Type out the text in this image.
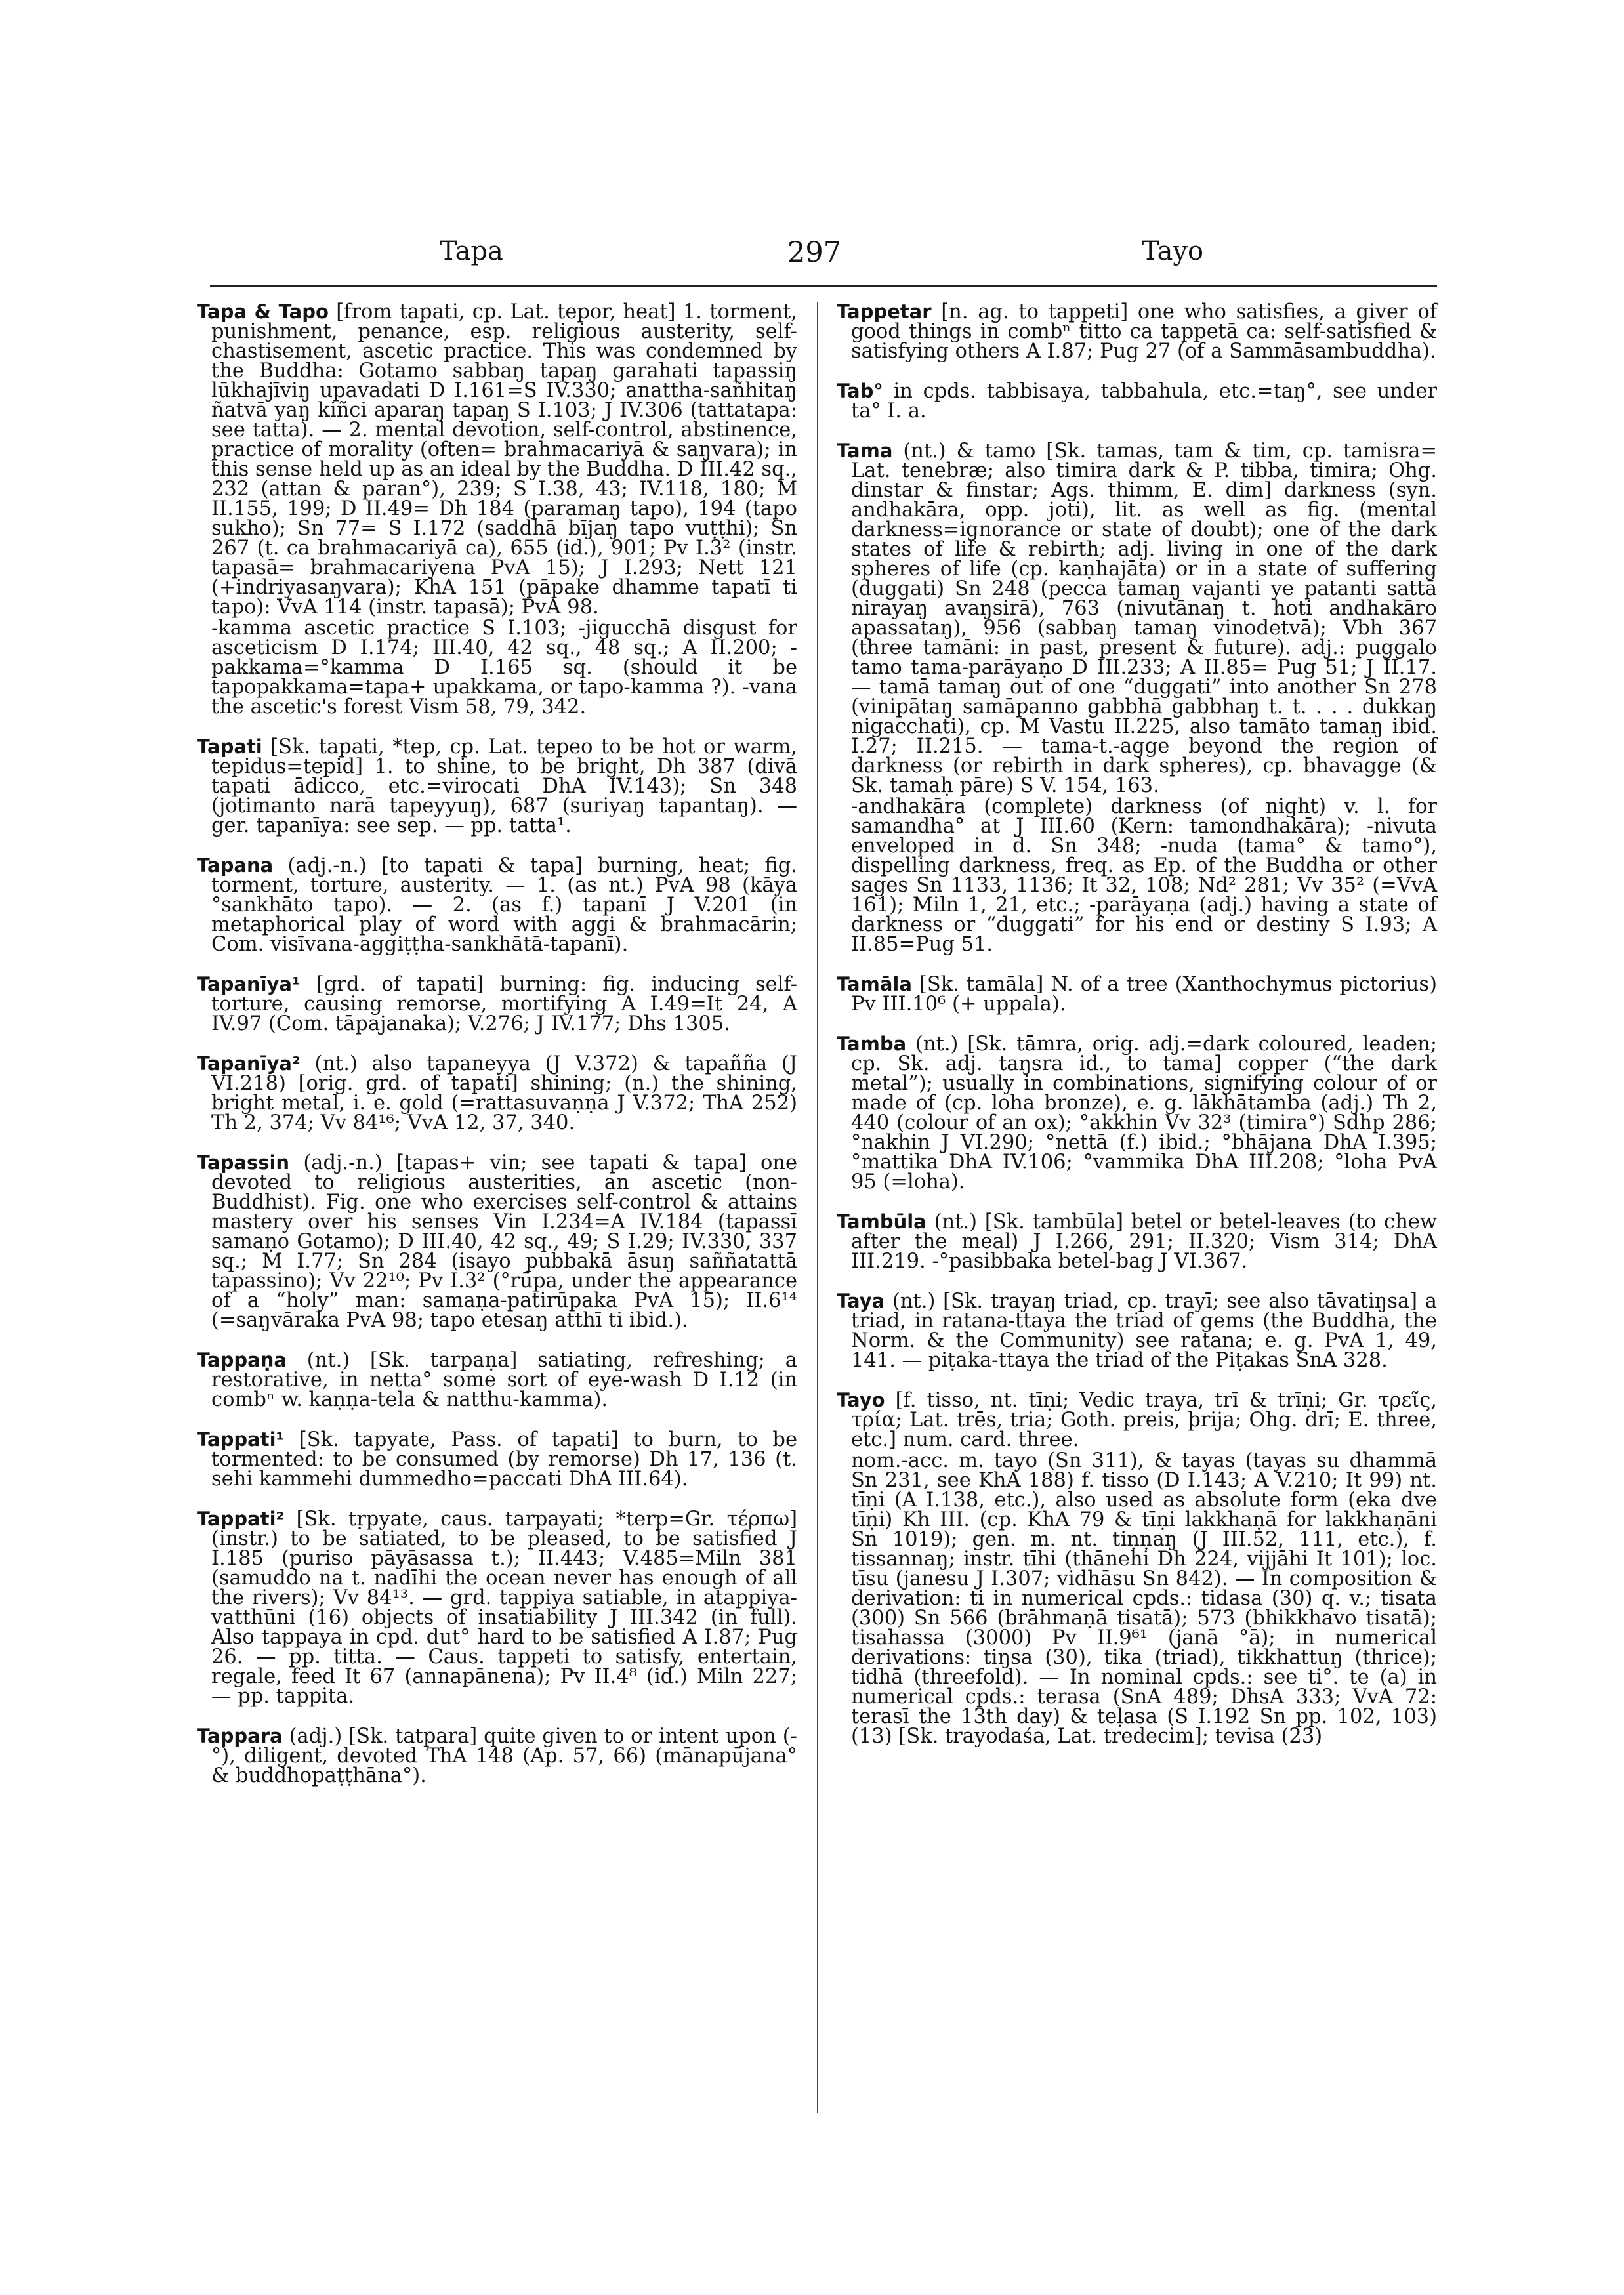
Tapa	297	Tayo

Tapa & Tapo [from tapati, cp. Lat. tepor, heat] 1. torment, punishment, penance, esp. religious austerity, self-chastisement, ascetic practice. This was condemned by the Buddha: Gotamo sabbaŋ tapaŋ garahati tapassiŋ lūkhajīviŋ upavadati D I.161=S IV.330; anattha-sañhitaŋ ñatvā yaŋ kiñci aparaŋ tapaŋ S I.103; J IV.306 (tattatapa: see tatta). — 2. mental devotion, self-control, abstinence, practice of morality (often= brahmacariyā & saŋvara); in this sense held up as an ideal by the Buddha. D III.42 sq., 232 (attan & paran°), 239; S I.38, 43; IV.118, 180; M II.155, 199; D II.49= Dh 184 (paramaŋ tapo), 194 (tapo sukho); Sn 77= S I.172 (saddhā bījaŋ tapo vuṭṭhi); Sn 267 (t. ca brahmacariyā ca), 655 (id.), 901; Pv I.3² (instr. tapasā= brahmacariyena PvA 15); J I.293; Nett 121 (+indriyasaŋvara); KhA 151 (pāpake dhamme tapatī ti tapo): VvA 114 (instr. tapasā); PvA 98.

-kamma ascetic practice S I.103; -jigucchā disgust for asceticism D I.174; III.40, 42 sq., 48 sq.; A II.200; -pakkama=°kamma D I.165 sq. (should it be tapopakkama=tapa+ upakkama, or tapo-kamma ?). -vana the ascetic's forest Vism 58, 79, 342.

Tapati [Sk. tapati, *tep, cp. Lat. tepeo to be hot or warm, tepidus=tepid] 1. to shine, to be bright, Dh 387 (divā tapati ādicco, etc.=virocati DhA IV.143); Sn 348 (jotimanto narā tapeyyuŋ), 687 (suriyaŋ tapantaŋ). — ger. tapanīya: see sep. — pp. tatta¹.

Tapana (adj.-n.) [to tapati & tapa] burning, heat; fig. torment, torture, austerity. — 1. (as nt.) PvA 98 (kāya °sankhāto tapo). — 2. (as f.) tapanī J V.201 (in metaphorical play of word with aggi & brahmacārin; Com. visīvana-aggiṭṭha-sankhātā-tapanī).

Tapanīya¹ [grd. of tapati] burning: fig. inducing self-torture, causing remorse, mortifying A I.49=It 24, A IV.97 (Com. tāpajanaka); V.276; J IV.177; Dhs 1305.

Tapanīya² (nt.) also tapaneyya (J V.372) & tapañña (J VI.218) [orig. grd. of tapati] shining; (n.) the shining, bright metal, i. e. gold (=rattasuvaṇṇa J V.372; ThA 252) Th 2, 374; Vv 84¹⁶; VvA 12, 37, 340.

Tapassin (adj.-n.) [tapas+ vin; see tapati & tapa] one devoted to religious austerities, an ascetic (non-Buddhist). Fig. one who exercises self-control & attains mastery over his senses Vin I.234=A IV.184 (tapassī samaṇo Gotamo); D III.40, 42 sq., 49; S I.29; IV.330, 337 sq.; M I.77; Sn 284 (isayo pubbakā āsuŋ saññatattā tapassino); Vv 22¹⁰; Pv I.3² (°rūpa, under the appearance of a “holy” man: samaṇa-patirūpaka PvA 15); II.6¹⁴ (=saŋvāraka PvA 98; tapo etesaŋ atthī ti ibid.).

Tappaṇa (nt.) [Sk. tarpaṇa] satiating, refreshing; a restorative, in netta° some sort of eye-wash D I.12 (in combⁿ w. kaṇṇa-tela & natthu-kamma).

Tappati¹ [Sk. tapyate, Pass. of tapati] to burn, to be tormented: to be consumed (by remorse) Dh 17, 136 (t. sehi kammehi dummedho=paccati DhA III.64).

Tappati² [Sk. tṛpyate, caus. tarpayati; *terp=Gr. τέρπω] (instr.) to be satiated, to be pleased, to be satisfied J I.185 (puriso pāyāsassa t.); II.443; V.485=Miln 381 (samuddo na t. nadīhi the ocean never has enough of all the rivers); Vv 84¹³. — grd. tappiya satiable, in atappiya-vatthūni (16) objects of insatiability J III.342 (in full). Also tappaya in cpd. dut° hard to be satisfied A I.87; Pug 26. — pp. titta. — Caus. tappeti to satisfy, entertain, regale, feed It 67 (annapānena); Pv II.4⁸ (id.) Miln 227; — pp. tappita.

Tappara (adj.) [Sk. tatpara] quite given to or intent upon (-°), diligent, devoted ThA 148 (Ap. 57, 66) (mānapūjana° & buddhopaṭṭhāna°).

Tappetar [n. ag. to tappeti] one who satisfies, a giver of good things in combⁿ titto ca tappetā ca: self-satisfied & satisfying others A I.87; Pug 27 (of a Sammāsambuddha).

Tab° in cpds. tabbisaya, tabbahula, etc.=taŋ°, see under ta° I. a.

Tama (nt.) & tamo [Sk. tamas, tam & tim, cp. tamisra= Lat. tenebræ; also timira dark & P. tibba, timira; Ohg. dinstar & finstar; Ags. thimm, E. dim] darkness (syn. andhakāra, opp. joti), lit. as well as fig. (mental darkness=ignorance or state of doubt); one of the dark states of life & rebirth; adj. living in one of the dark spheres of life (cp. kaṇhajāta) or in a state of suffering (duggati) Sn 248 (pecca tamaŋ vajanti ye patanti sattā nirayaŋ avaŋsirā), 763 (nivutānaŋ t. hoti andhakāro apassataŋ), 956 (sabbaŋ tamaŋ vinodetvā); Vbh 367 (three tamāni: in past, present & future). adj.: puggalo tamo tama-parāyaṇo D III.233; A II.85= Pug 51; J II.17. — tamā tamaŋ out of one “duggati” into another Sn 278 (vinipātaŋ samāpanno gabbhā gabbhaŋ t. t. . . . dukkaŋ nigacchati), cp. M Vastu II.225, also tamāto tamaŋ ibid. I.27; II.215. — tama-t.-agge beyond the region of darkness (or rebirth in dark spheres), cp. bhavagge (& Sk. tamaḥ pāre) S V. 154, 163.

-andhakāra (complete) darkness (of night) v. l. for samandha° at J III.60 (Kern: tamondhakāra); -nivuta enveloped in d. Sn 348; -nuda (tama° & tamo°), dispelling darkness, freq. as Ep. of the Buddha or other sages Sn 1133, 1136; It 32, 108; Nd² 281; Vv 35² (=VvA 161); Miln 1, 21, etc.; -parāyaṇa (adj.) having a state of darkness or “duggati” for his end or destiny S I.93; A II.85=Pug 51.

Tamāla [Sk. tamāla] N. of a tree (Xanthochymus pictorius) Pv III.10⁶ (+ uppala).

Tamba (nt.) [Sk. tāmra, orig. adj.=dark coloured, leaden; cp. Sk. adj. taŋsra id., to tama] copper (“the dark metal”); usually in combinations, signifying colour of or made of (cp. loha bronze), e. g. lākhātamba (adj.) Th 2, 440 (colour of an ox); °akkhin Vv 32³ (timira°) Sdhp 286; °nakhin J VI.290; °nettā (f.) ibid.; °bhājana DhA I.395; °mattika DhA IV.106; °vammika DhA III.208; °loha PvA 95 (=loha).

Tambūla (nt.) [Sk. tambūla] betel or betel-leaves (to chew after the meal) J I.266, 291; II.320; Vism 314; DhA III.219. -°pasibbaka betel-bag J VI.367.

Taya (nt.) [Sk. trayaŋ triad, cp. trayī; see also tāvatiŋsa] a triad, in ratana-ttaya the triad of gems (the Buddha, the Norm. & the Community) see ratana; e. g. PvA 1, 49, 141. — piṭaka-ttaya the triad of the Piṭakas SnA 328.

Tayo [f. tisso, nt. tīṇi; Vedic traya, trī & trīṇi; Gr. τρεῖς, τρία; Lat. trēs, tria; Goth. preis, þrija; Ohg. drī; E. three, etc.] num. card. three.

nom.-acc. m. tayo (Sn 311), & tayas (tayas su dhammā Sn 231, see KhA 188) f. tisso (D I.143; A V.210; It 99) nt. tīṇi (A I.138, etc.), also used as absolute form (eka dve tīṇi) Kh III. (cp. KhA 79 & tīṇi lakkhaṇā for lakkhaṇāni Sn 1019); gen. m. nt. tiṇṇaŋ (J III.52, 111, etc.), f. tissannaŋ; instr. tīhi (thānehi Dh 224, vijjāhi It 101); loc. tīsu (janesu J I.307; vidhāsu Sn 842). — In composition & derivation: ti in numerical cpds.: tidasa (30) q. v.; tisata (300) Sn 566 (brāhmaṇā tisatā); 573 (bhikkhavo tisatā); tisahassa (3000) Pv II.9⁶¹ (janā °ā); in numerical derivations: tiŋsa (30), tika (triad), tikkhattuŋ (thrice); tidhā (threefold). — In nominal cpds.: see ti°. te (a) in numerical cpds.: terasa (SnA 489; DhsA 333; VvA 72: terasī the 13th day) & teḷasa (S I.192 Sn pp. 102, 103) (13) [Sk. trayodaśa, Lat. tredecim]; tevisa (23)
